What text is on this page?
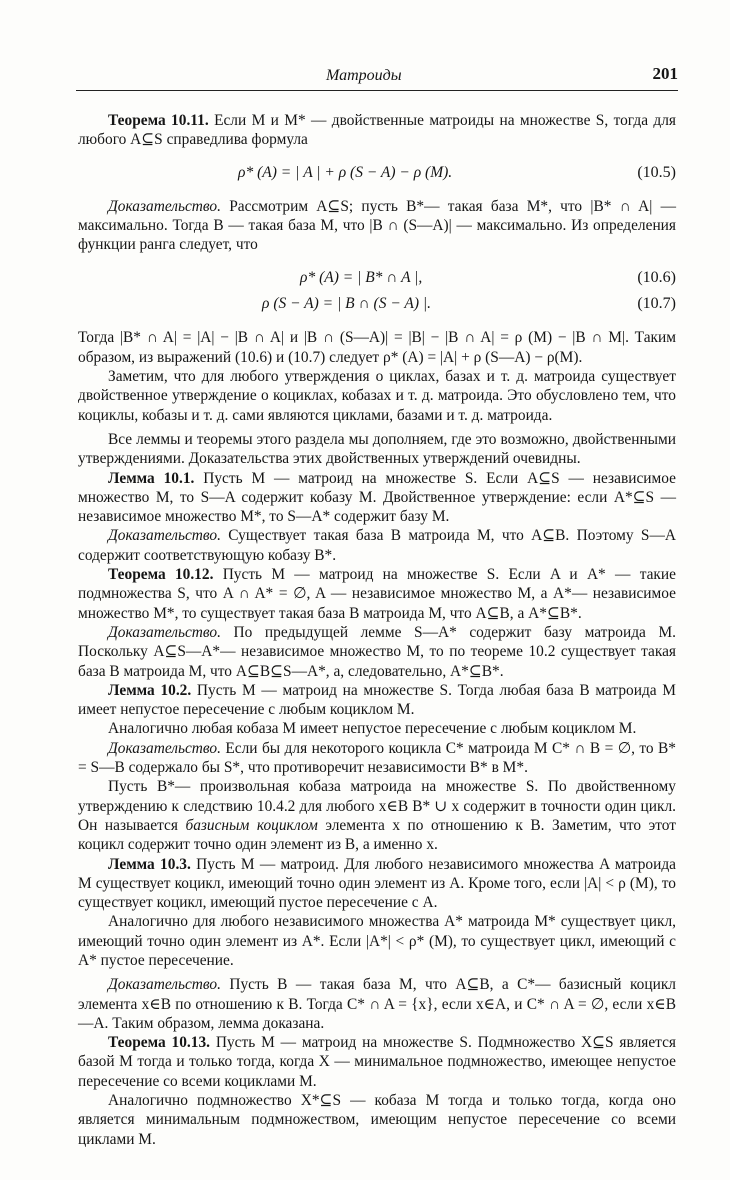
Матроиды	201

Теорема 10.11. Если M и M* — двойственные матроиды на множестве S, тогда для любого A⊆S справедлива формула

ρ* (A) = | A | + ρ (S − A) − ρ (M).	(10.5)

Доказательство. Рассмотрим A⊆S; пусть B*— такая база M*, что |B* ∩ A| — максимально. Тогда B — такая база M, что |B ∩ (S—A)| — максимально. Из определения функции ранга следует, что

ρ* (A) = | B* ∩ A |,	(10.6)
ρ (S − A) = | B ∩ (S − A) |.	(10.7)

Тогда |B* ∩ A| = |A| − |B ∩ A| и |B ∩ (S—A)| = |B| − |B ∩ A| = ρ (M) − |B ∩ M|. Таким образом, из выражений (10.6) и (10.7) следует ρ* (A) = |A| + ρ (S—A) − ρ(M).

Заметим, что для любого утверждения о циклах, базах и т. д. матроида существует двойственное утверждение о коциклах, кобазах и т. д. матроида. Это обусловлено тем, что коциклы, кобазы и т. д. сами являются циклами, базами и т. д. матроида.

Все леммы и теоремы этого раздела мы дополняем, где это возможно, двойственными утверждениями. Доказательства этих двойственных утверждений очевидны.

Лемма 10.1. Пусть M — матроид на множестве S. Если A⊆S — независимое множество M, то S—A содержит кобазу M. Двойственное утверждение: если A*⊆S — независимое множество M*, то S—A* содержит базу M.

Доказательство. Существует такая база B матроида M, что A⊆B. Поэтому S—A содержит соответствующую кобазу B*.

Теорема 10.12. Пусть M — матроид на множестве S. Если A и A* — такие подмножества S, что A ∩ A* = ∅, A — независимое множество M, а A*— независимое множество M*, то существует такая база B матроида M, что A⊆B, а A*⊆B*.

Доказательство. По предыдущей лемме S—A* содержит базу матроида M. Поскольку A⊆S—A*— независимое множество M, то по теореме 10.2 существует такая база B матроида M, что A⊆B⊆S—A*, а, следовательно, A*⊆B*.

Лемма 10.2. Пусть M — матроид на множестве S. Тогда любая база B матроида M имеет непустое пересечение с любым коциклом M.

Аналогично любая кобаза M имеет непустое пересечение с любым коциклом M.

Доказательство. Если бы для некоторого коцикла C* матроида M C* ∩ B = ∅, то B* = S—B содержало бы S*, что противоречит независимости B* в M*.

Пусть B*— произвольная кобаза матроида на множестве S. По двойственному утверждению к следствию 10.4.2 для любого x∈B B* ∪ x содержит в точности один цикл. Он называется базисным коциклом элемента x по отношению к B. Заметим, что этот коцикл содержит точно один элемент из B, а именно x.

Лемма 10.3. Пусть M — матроид. Для любого независимого множества A матроида M существует коцикл, имеющий точно один элемент из A. Кроме того, если |A| < ρ (M), то существует коцикл, имеющий пустое пересечение с A.

Аналогично для любого независимого множества A* матроида M* существует цикл, имеющий точно один элемент из A*. Если |A*| < ρ* (M), то существует цикл, имеющий с A* пустое пересечение.

Доказательство. Пусть B — такая база M, что A⊆B, а C*— базисный коцикл элемента x∈B по отношению к B. Тогда C* ∩ A = {x}, если x∈A, и C* ∩ A = ∅, если x∈B—A. Таким образом, лемма доказана.

Теорема 10.13. Пусть M — матроид на множестве S. Подмножество X⊆S является базой M тогда и только тогда, когда X — минимальное подмножество, имеющее непустое пересечение со всеми коциклами M.

Аналогично подмножество X*⊆S — кобаза M тогда и только тогда, когда оно является минимальным подмножеством, имеющим непустое пересечение со всеми циклами M.
